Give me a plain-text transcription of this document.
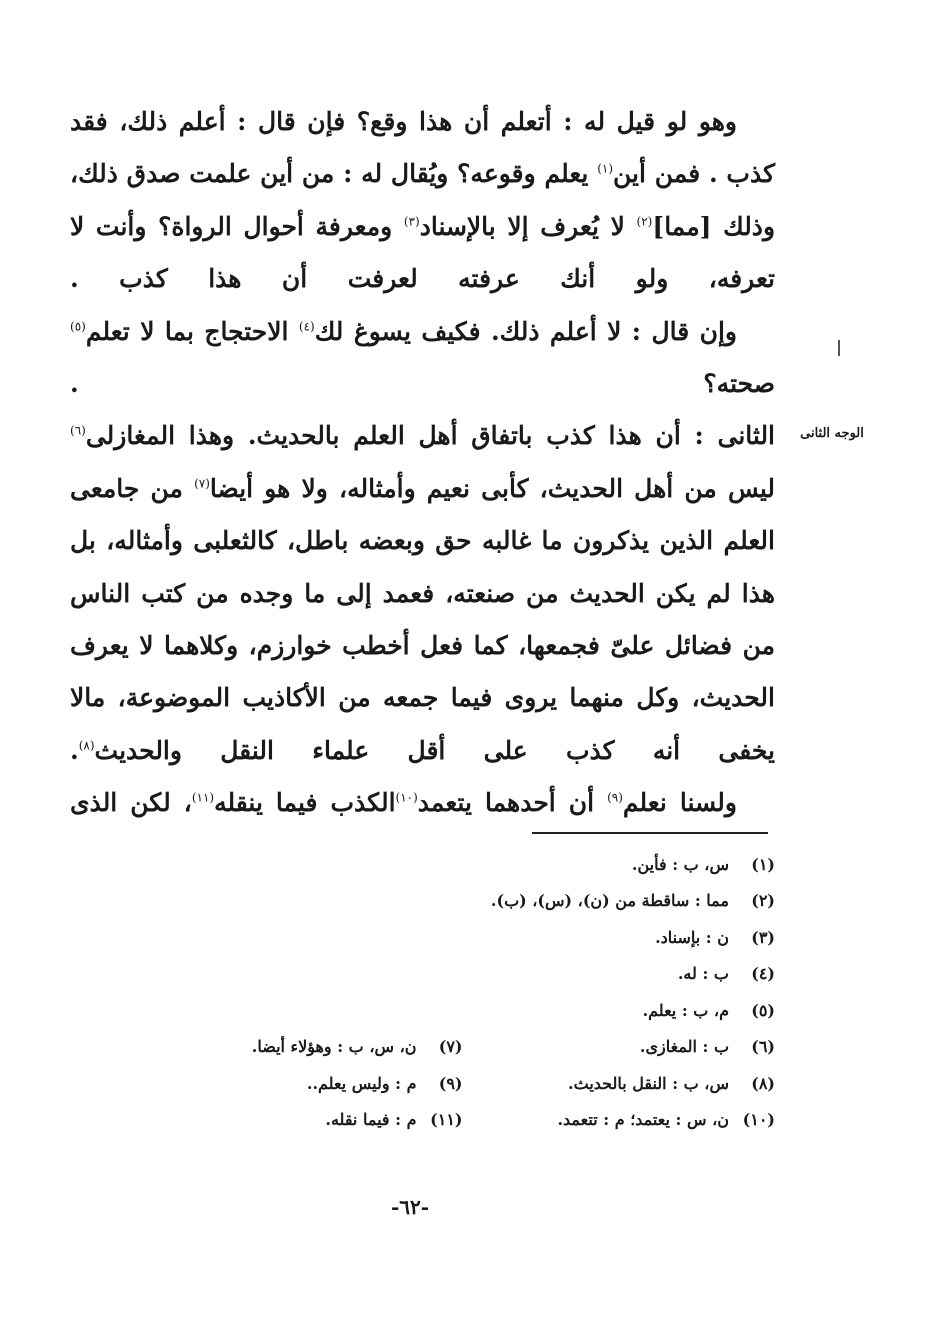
وهو لو قيل له : أتعلم أن هذا وقع؟ فإن قال : أعلم ذلك، فقد كذب . فمن أين$^{(١)}$ يعلم وقوعه؟ ويُقال له : من أين علمت صدق ذلك، وذلك [مما]$^{(٢)}$ لا يُعرف إلا بالإسناد$^{(٣)}$ ومعرفة أحوال الرواة؟ وأنت لا تعرفه، ولو أنك عرفته لعرفت أن هذا كذب .

وإن قال : لا أعلم ذلك. فكيف يسوغ لك$^{(٤)}$ الاحتجاج بما لا تعلم$^{(٥)}$ صحته؟ .

الثانى : أن هذا كذب باتفاق أهل العلم بالحديث. وهذا المغازلى$^{(٦)}$ ليس من أهل الحديث، كأبى نعيم وأمثاله، ولا هو أيضا$^{(٧)}$ من جامعى العلم الذين يذكرون ما غالبه حق وبعضه باطل، كالثعلبى وأمثاله، بل هذا لم يكن الحديث من صنعته، فعمد إلى ما وجده من كتب الناس من فضائل علىّ فجمعها، كما فعل أخطب خوارزم، وكلاهما لا يعرف الحديث، وكل منهما يروى فيما جمعه من الأكاذيب الموضوعة، مالا يخفى أنه كذب على أقل علماء النقل والحديث$^{(٨)}$.

ولسنا نعلم$^{(٩)}$ أن أحدهما يتعمد$^{(١٠)}$الكذب فيما ينقله$^{(١١)}$، لكن الذى

الوجه الثانى
(١)
س، ب : فأين.
(٢)
مما : ساقطة من (ن)، (س)، (ب).
(٣)
ن : بإسناد.
(٤)
ب : له.
(٥)
م، ب : يعلم.
(٦)
ب : المغازى.
(٧)
ن، س، ب : وهؤلاء أيضا.
(٨)
س، ب : النقل بالحديث.
(٩)
م : وليس يعلم..
(١٠)
ن، س : يعتمد؛ م : تتعمد.
(١١)
م : فيما نقله.
-٦٢-
